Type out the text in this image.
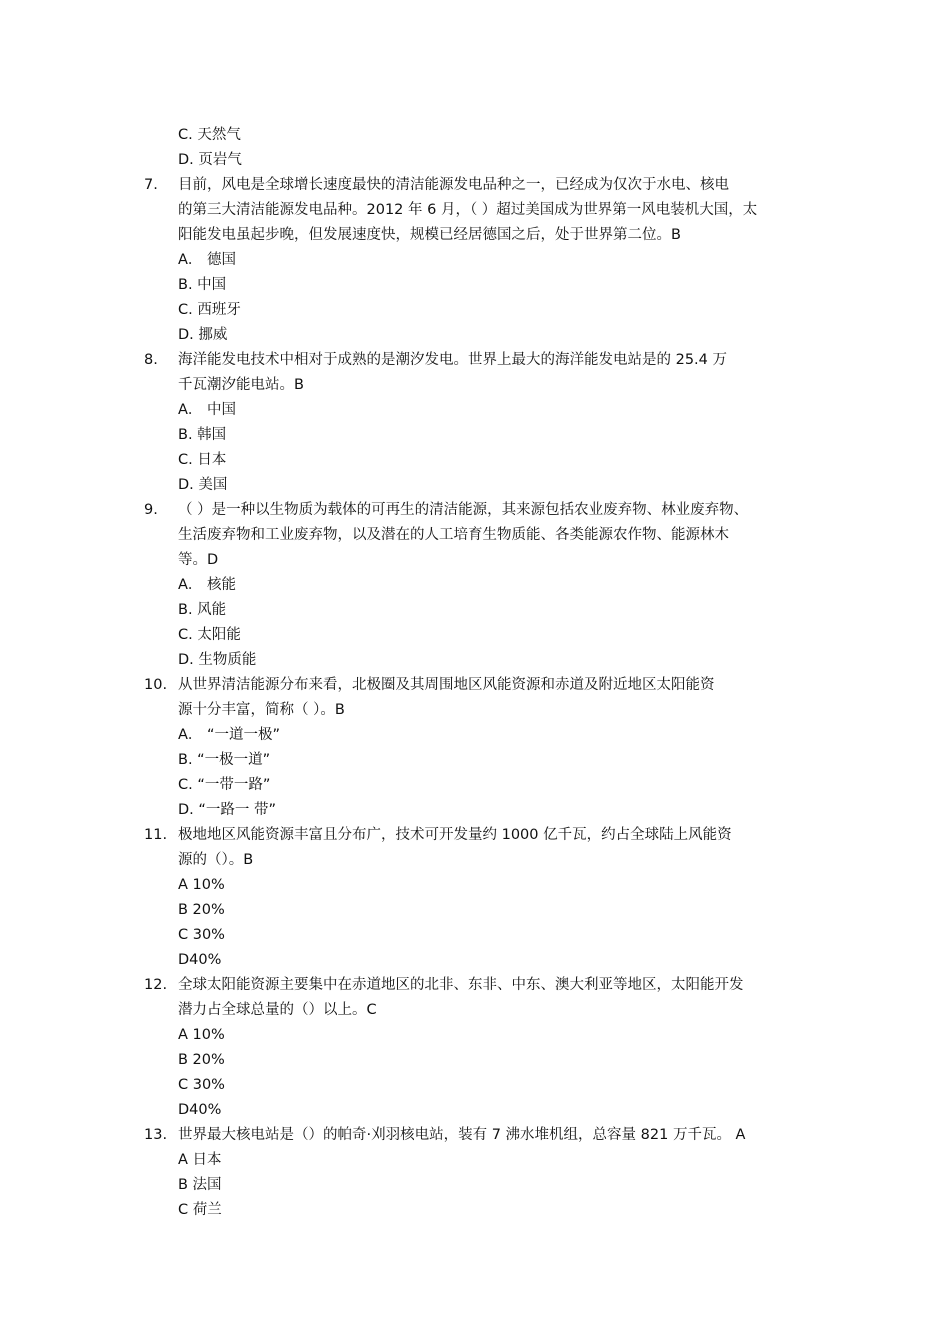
C. 天然气
D. 页岩气
7. 目前，风电是全球增长速度最快的清洁能源发电品种之一，已经成为仅次于水电、核电
的第三大清洁能源发电品种。2012 年 6 月，（ ）超过美国成为世界第一风电装机大国，太
阳能发电虽起步晚，但发展速度快，规模已经居德国之后，处于世界第二位。B
A． 德国
B. 中国
C. 西班牙
D. 挪威
8. 海洋能发电技术中相对于成熟的是潮汐发电。世界上最大的海洋能发电站是的 25.4 万
千瓦潮汐能电站。B
A． 中国
B. 韩国
C. 日本
D. 美国
9. （ ）是一种以生物质为载体的可再生的清洁能源，其来源包括农业废弃物、林业废弃物、
生活废弃物和工业废弃物，以及潜在的人工培育生物质能、各类能源农作物、能源林木
等。D
A． 核能
B. 风能
C. 太阳能
D. 生物质能
10. 从世界清洁能源分布来看，北极圈及其周围地区风能资源和赤道及附近地区太阳能资
源十分丰富，简称（ ）。B
A． “一道一极”
B. “一极一道”
C. “一带一路”
D. “一路一 带”
11. 极地地区风能资源丰富且分布广，技术可开发量约 1000 亿千瓦，约占全球陆上风能资
源的（）。B
A 10%
B 20%
C 30%
D40%
12. 全球太阳能资源主要集中在赤道地区的北非、东非、中东、澳大利亚等地区，太阳能开发
潜力占全球总量的（）以上。C
A 10%
B 20%
C 30%
D40%
13. 世界最大核电站是（）的帕奇·刈羽核电站，装有 7 沸水堆机组，总容量 821 万千瓦。 A
A 日本
B 法国
C 荷兰
